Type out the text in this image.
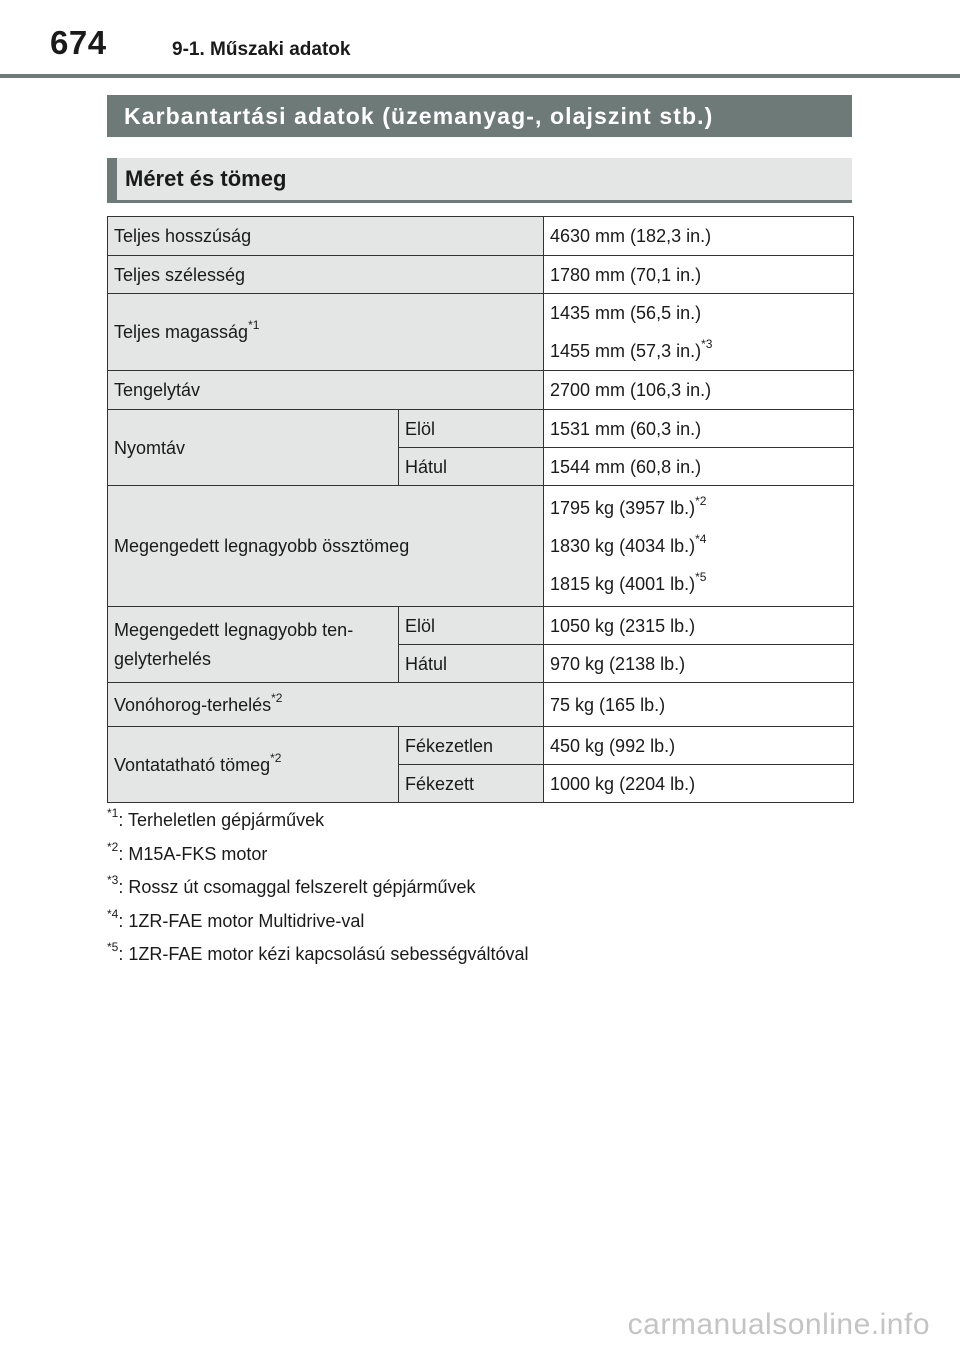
674	9-1. Műszaki adatok
Karbantartási adatok (üzemanyag-, olajszint stb.)
Méret és tömeg
Teljes hosszúság		4630 mm (182,3 in.)
Teljes szélesség		1780 mm (70,1 in.)
Teljes magasság$^{*1}$		1435 mm (56,5 in.)
1455 mm (57,3 in.)$^{*3}$

Tengelytáv		2700 mm (106,3 in.)
Nyomtáv	Elöl	1531 mm (60,3 in.)
	Hátul	1544 mm (60,8 in.)
Megengedett legnagyobb össztömeg		1795 kg (3957 lb.)$^{*2}$
1830 kg (4034 lb.)$^{*4}$
1815 kg (4001 lb.)$^{*5}$

Megengedett legnagyobb ten-
gelyterhelés	Elöl	1050 kg (2315 lb.)
	Hátul	970 kg (2138 lb.)
Vonóhorog-terhelés$^{*2}$		75 kg (165 lb.)
Vontatatható tömeg$^{*2}$	Fékezetlen	450 kg (992 lb.)
	Fékezett	1000 kg (2204 lb.)
$^{*1}$: Terheletlen gépjárművek
$^{*2}$: M15A-FKS motor
$^{*3}$: Rossz út csomaggal felszerelt gépjárművek
$^{*4}$: 1ZR-FAE motor Multidrive-val
$^{*5}$: 1ZR-FAE motor kézi kapcsolású sebességváltóval
carmanualsonline.info
